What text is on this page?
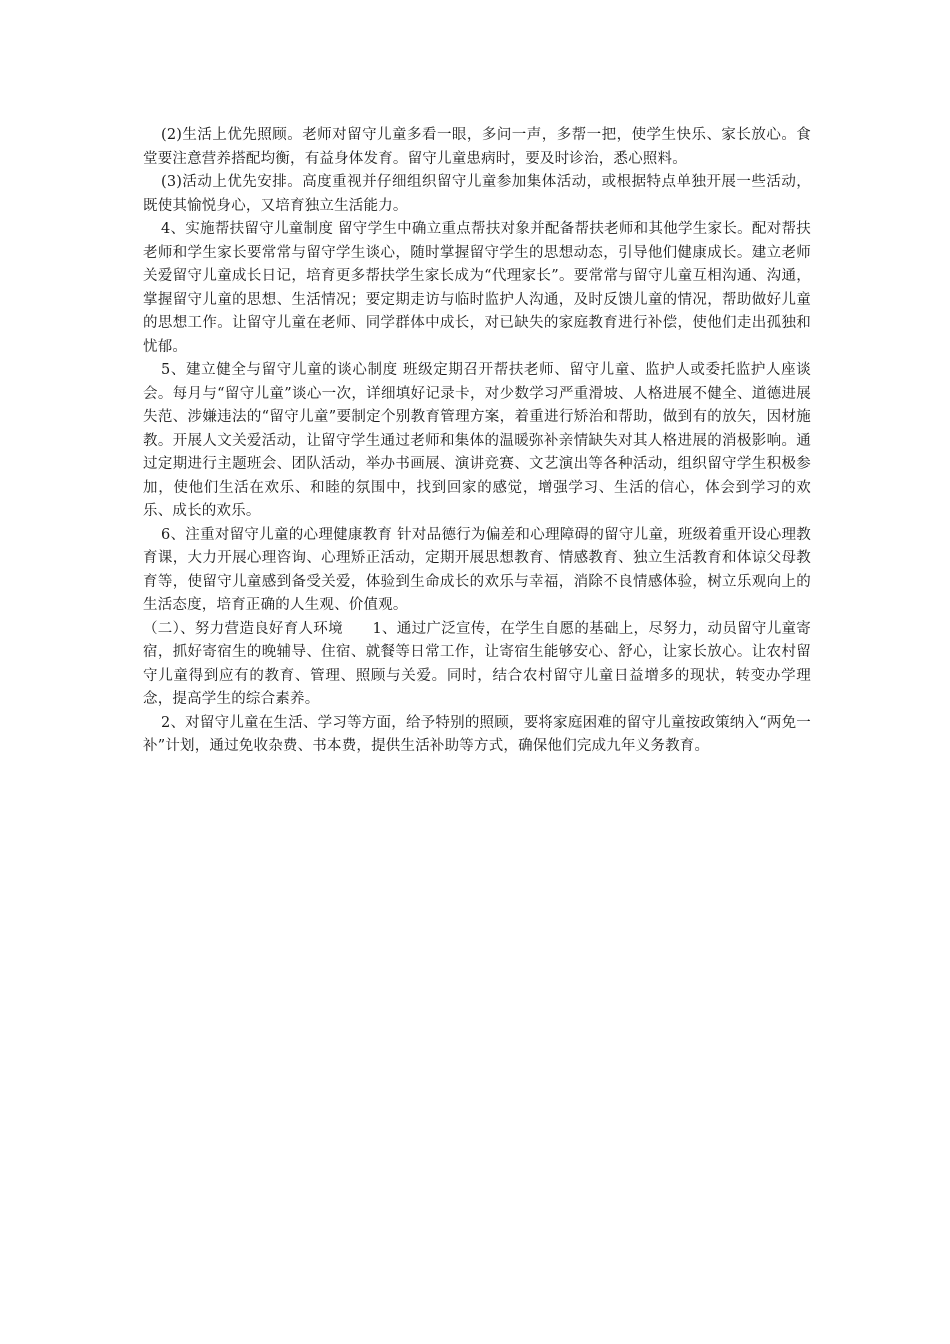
(2)生活上优先照顾。老师对留守儿童多看一眼，多问一声，多帮一把，使学生快乐、家长放心。食堂要注意营养搭配均衡，有益身体发育。留守儿童患病时，要及时诊治，悉心照料。

(3)活动上优先安排。高度重视并仔细组织留守儿童参加集体活动，或根据特点单独开展一些活动，既使其愉悦身心，又培育独立生活能力。

4、实施帮扶留守儿童制度 留守学生中确立重点帮扶对象并配备帮扶老师和其他学生家长。配对帮扶老师和学生家长要常常与留守学生谈心，随时掌握留守学生的思想动态，引导他们健康成长。建立老师关爱留守儿童成长日记，培育更多帮扶学生家长成为“代理家长”。要常常与留守儿童互相沟通、沟通，掌握留守儿童的思想、生活情况；要定期走访与临时监护人沟通，及时反馈儿童的情况，帮助做好儿童的思想工作。让留守儿童在老师、同学群体中成长，对已缺失的家庭教育进行补偿，使他们走出孤独和忧郁。

5、建立健全与留守儿童的谈心制度 班级定期召开帮扶老师、留守儿童、监护人或委托监护人座谈会。每月与“留守儿童”谈心一次，详细填好记录卡，对少数学习严重滑坡、人格进展不健全、道德进展失范、涉嫌违法的“留守儿童”要制定个别教育管理方案，着重进行矫治和帮助，做到有的放矢，因材施教。开展人文关爱活动，让留守学生通过老师和集体的温暖弥补亲情缺失对其人格进展的消极影响。通过定期进行主题班会、团队活动，举办书画展、演讲竞赛、文艺演出等各种活动，组织留守学生积极参加，使他们生活在欢乐、和睦的氛围中，找到回家的感觉，增强学习、生活的信心，体会到学习的欢乐、成长的欢乐。

6、注重对留守儿童的心理健康教育 针对品德行为偏差和心理障碍的留守儿童，班级着重开设心理教育课，大力开展心理咨询、心理矫正活动，定期开展思想教育、情感教育、独立生活教育和体谅父母教育等，使留守儿童感到备受关爱，体验到生命成长的欢乐与幸福，消除不良情感体验，树立乐观向上的生活态度，培育正确的人生观、价值观。

（二）、努力营造良好育人环境　　1、通过广泛宣传，在学生自愿的基础上，尽努力，动员留守儿童寄宿，抓好寄宿生的晚辅导、住宿、就餐等日常工作，让寄宿生能够安心、舒心，让家长放心。让农村留守儿童得到应有的教育、管理、照顾与关爱。同时，结合农村留守儿童日益增多的现状，转变办学理念，提高学生的综合素养。

2、对留守儿童在生活、学习等方面，给予特别的照顾，要将家庭困难的留守儿童按政策纳入“两免一补”计划，通过免收杂费、书本费，提供生活补助等方式，确保他们完成九年义务教育。
